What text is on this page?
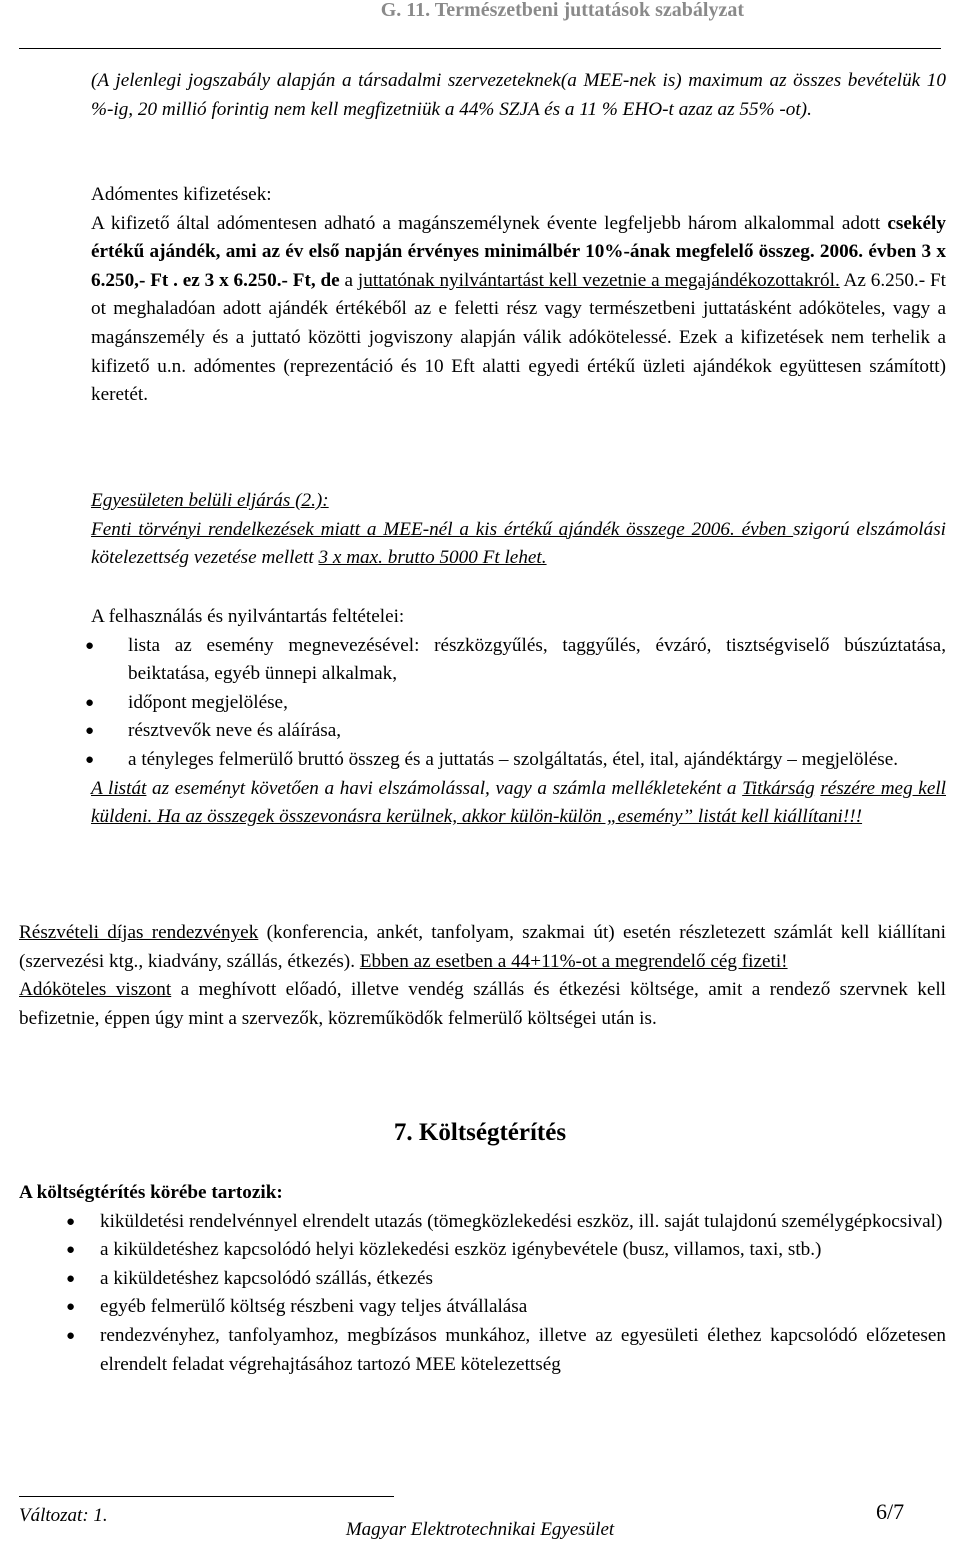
G. 11. Természetbeni juttatások szabályzat

(A jelenlegi jogszabály alapján a társadalmi szervezeteknek(a MEE-nek is) maximum az összes bevételük 10 %-ig, 20 millió forintig nem kell megfizetniük a 44% SZJA és a 11 % EHO-t azaz az 55% -ot).

Adómentes kifizetések:

A kifizető által adómentesen adható a magánszemélynek évente legfeljebb három alkalommal adott csekély értékű ajándék, ami az év első napján érvényes minimálbér 10%-ának megfelelő összeg. 2006. évben 3 x 6.250,- Ft . ez 3 x 6.250.- Ft, de a juttatónak nyilvántartást kell vezetnie a megajándékozottakról. Az 6.250.- Ft ot meghaladóan adott ajándék értékéből az e feletti rész vagy természetbeni juttatásként adóköteles, vagy a magánszemély és a juttató közötti jogviszony alapján válik adókötelessé. Ezek a kifizetések nem terhelik a kifizető u.n. adómentes (reprezentáció és 10 Eft alatti egyedi értékű üzleti ajándékok együttesen számított) keretét.

Egyesületen belüli eljárás (2.):

Fenti törvényi rendelkezések miatt a MEE-nél a kis értékű ajándék összege 2006. évben szigorú elszámolási kötelezettség vezetése mellett 3 x max. brutto 5000 Ft lehet.

A felhasználás és nyilvántartás feltételei:

● lista az esemény megnevezésével: részközgyűlés, taggyűlés, évzáró, tisztségviselő búszúztatása, beiktatása, egyéb ünnepi alkalmak,
● időpont megjelölése,
● résztvevők neve és aláírása,
● a tényleges felmerülő bruttó összeg és a juttatás – szolgáltatás, étel, ital, ajándéktárgy – megjelölése.

A listát az eseményt követően a havi elszámolással, vagy a számla mellékleteként a Titkárság részére meg kell küldeni. Ha az összegek összevonásra kerülnek, akkor külön-külön „esemény” listát kell kiállítani!!!

Részvételi díjas rendezvények (konferencia, ankét, tanfolyam, szakmai út) esetén részletezett számlát kell kiállítani (szervezési ktg., kiadvány, szállás, étkezés). Ebben az esetben a 44+11%-ot a megrendelő cég fizeti!

Adóköteles viszont a meghívott előadó, illetve vendég szállás és étkezési költsége, amit a rendező szervnek kell befizetnie, éppen úgy mint a szervezők, közreműködők felmerülő költségei után is.

7. Költségtérítés

A költségtérítés körébe tartozik:

● kiküldetési rendelvénnyel elrendelt utazás (tömegközlekedési eszköz, ill. saját tulajdonú személygépkocsival)
● a kiküldetéshez kapcsolódó helyi közlekedési eszköz igénybevétele (busz, villamos, taxi, stb.)
● a kiküldetéshez kapcsolódó szállás, étkezés
● egyéb felmerülő költség részbeni vagy teljes átvállalása
● rendezvényhez, tanfolyamhoz, megbízásos munkához, illetve az egyesületi élethez kapcsolódó előzetesen elrendelt feladat végrehajtásához tartozó MEE kötelezettség
Változat: 1.	6/7
Magyar Elektrotechnikai Egyesület
